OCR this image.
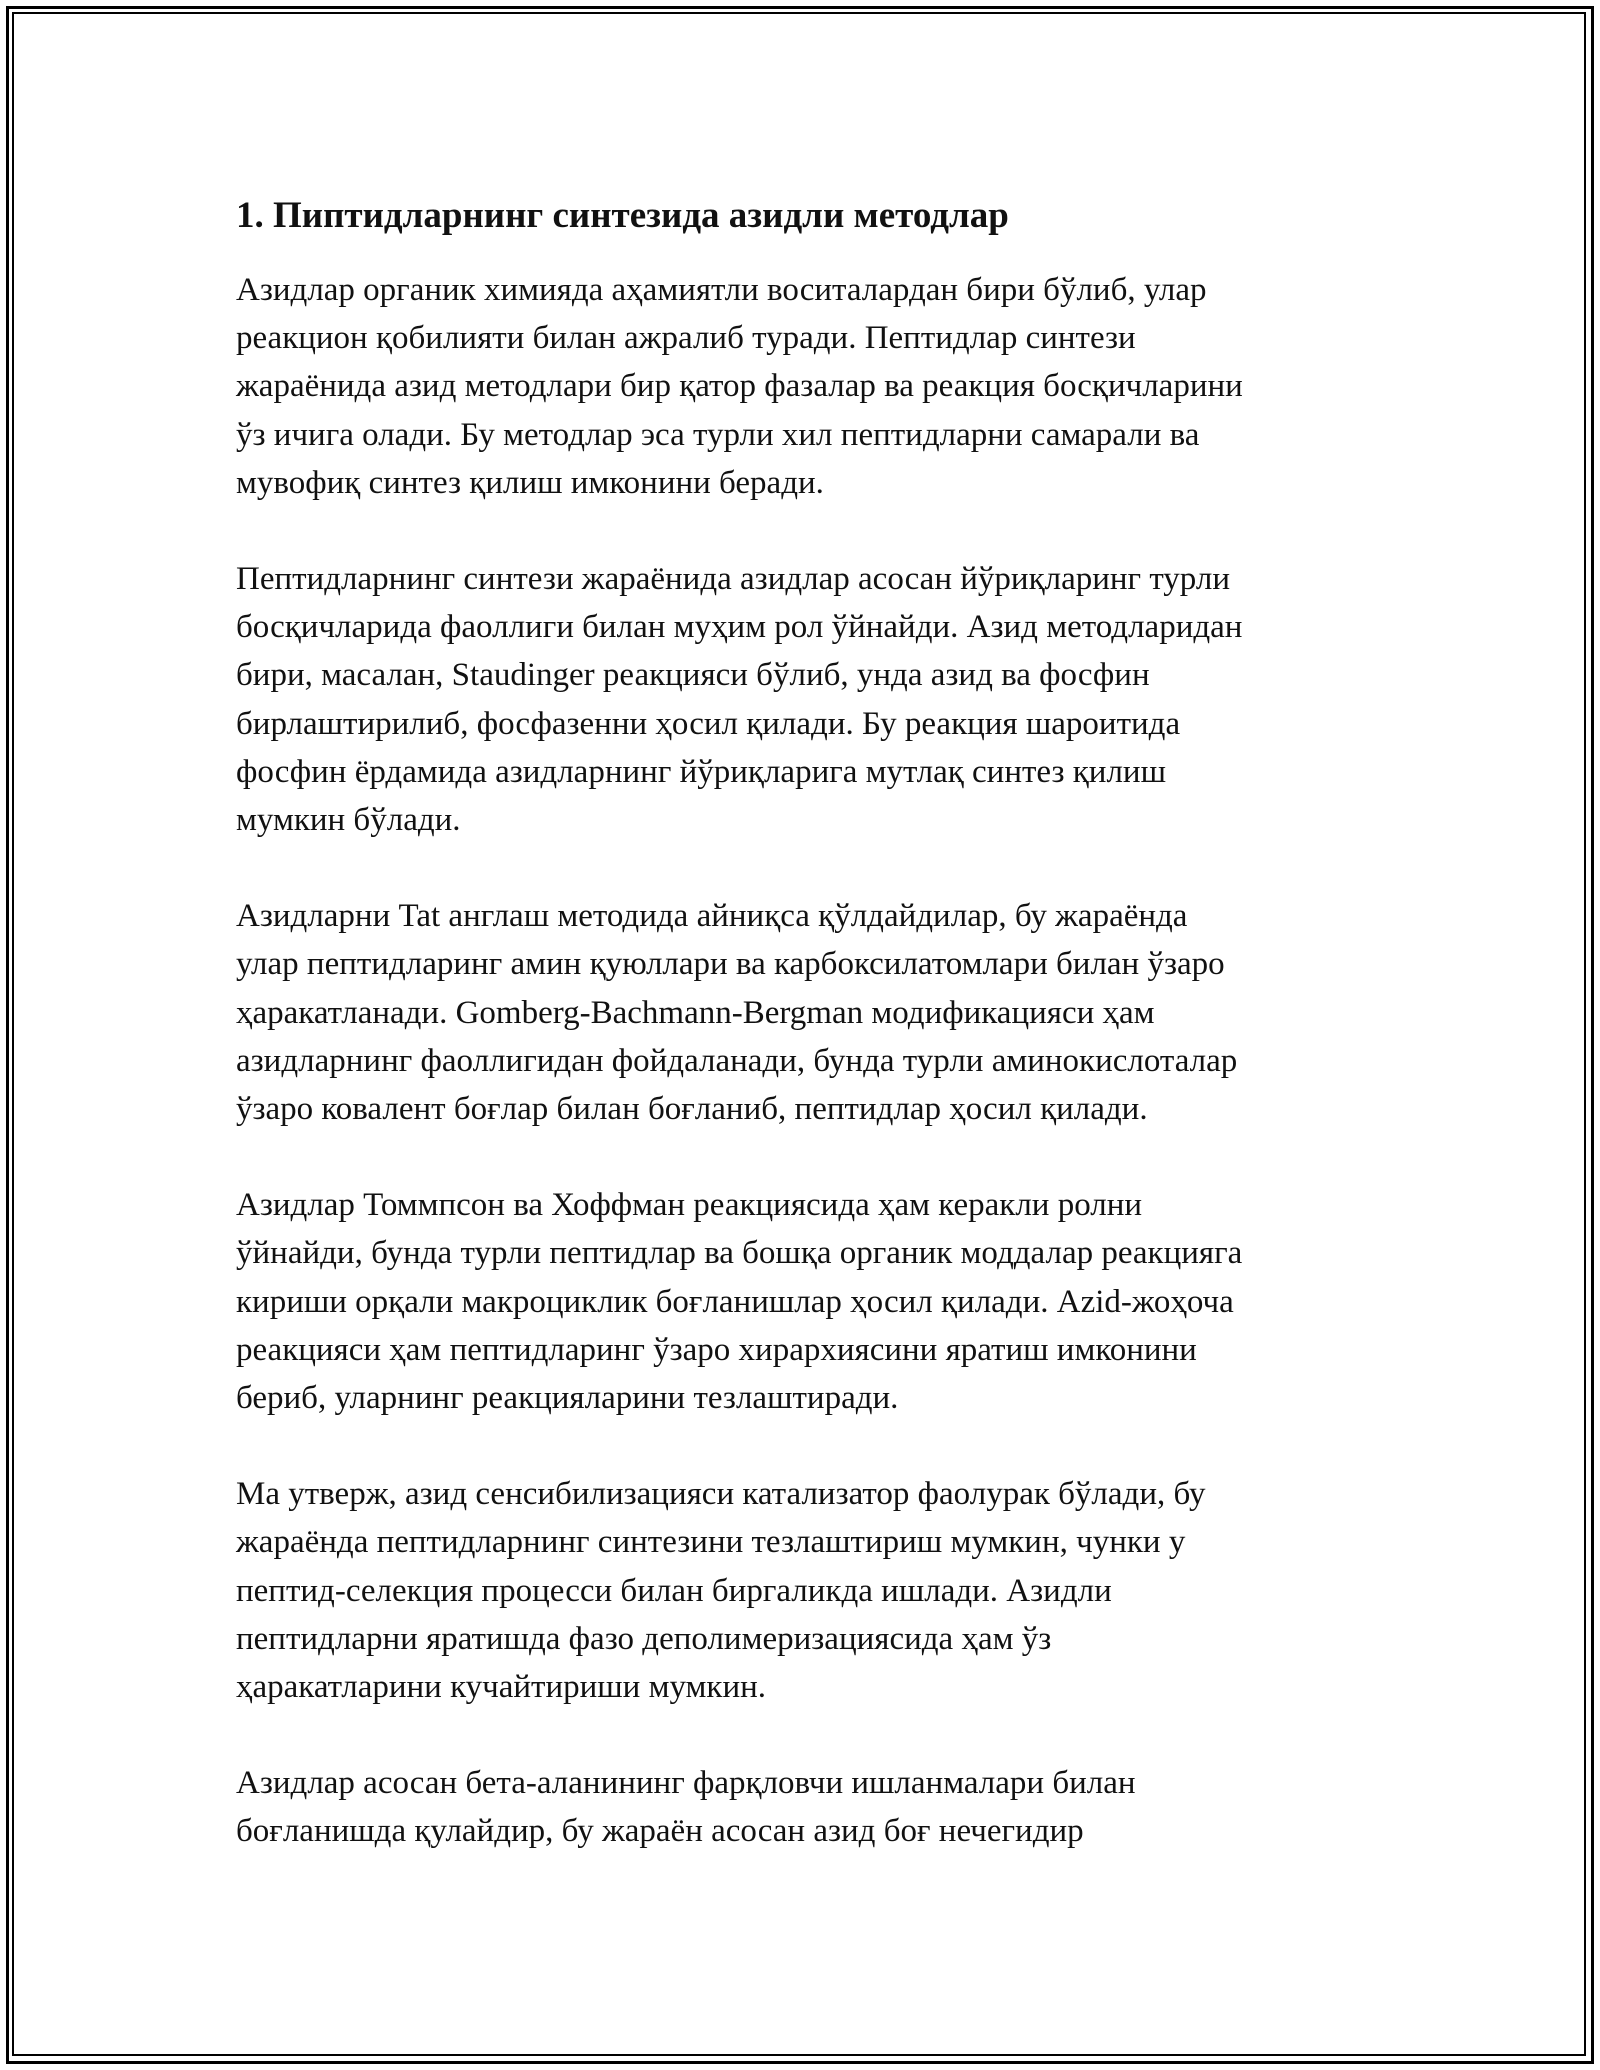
1. Пиптидларнинг синтезида азидли методлар
Азидлар органик химияда аҳамиятли воситалардан бири бўлиб, улар
реакцион қобилияти билан ажралиб туради. Пептидлар синтези
жараёнида азид методлари бир қатор фазалар ва реакция босқичларини
ўз ичига олади. Бу методлар эса турли хил пептидларни самарали ва
мувофиқ синтез қилиш имконини беради.
Пептидларнинг синтези жараёнида азидлар асосан йўриқларинг турли
босқичларида фаоллиги билан муҳим рол ўйнайди. Азид методларидан
бири, масалан, Staudinger реакцияси бўлиб, унда азид ва фосфин
бирлаштирилиб, фосфазенни ҳосил қилади. Бу реакция шароитида
фосфин ёрдамида азидларнинг йўриқларига мутлақ синтез қилиш
мумкин бўлади.
Азидларни Tat англаш методида айниқса қўлдайдилар, бу жараёнда
улар пептидларинг амин қуюллари ва карбоксилатомлари билан ўзаро
ҳаракатланади. Gomberg-Bachmann-Bergman модификацияси ҳам
азидларнинг фаоллигидан фойдаланади, бунда турли аминокислоталар
ўзаро ковалент боғлар билан боғланиб, пептидлар ҳосил қилади.
Азидлар Томмпсон ва Хоффман реакциясида ҳам керакли ролни
ўйнайди, бунда турли пептидлар ва бошқа органик моддалар реакцияга
кириши орқали макроциклик боғланишлар ҳосил қилади. Azid-жоҳоча
реакцияси ҳам пептидларинг ўзаро хирархиясини яратиш имконини
бериб, уларнинг реакцияларини тезлаштиради.
Ма утверж, азид сенсибилизацияси катализатор фаолурак бўлади, бу
жараёнда пептидларнинг синтезини тезлаштириш мумкин, чунки у
пептид-селекция процесси билан биргаликда ишлади. Азидли
пептидларни яратишда фазо деполимеризациясида ҳам ўз
ҳаракатларини кучайтириши мумкин.
Азидлар асосан бета-аланининг фарқловчи ишланмалари билан
боғланишда қулайдир, бу жараён асосан азид боғ нечегидир
